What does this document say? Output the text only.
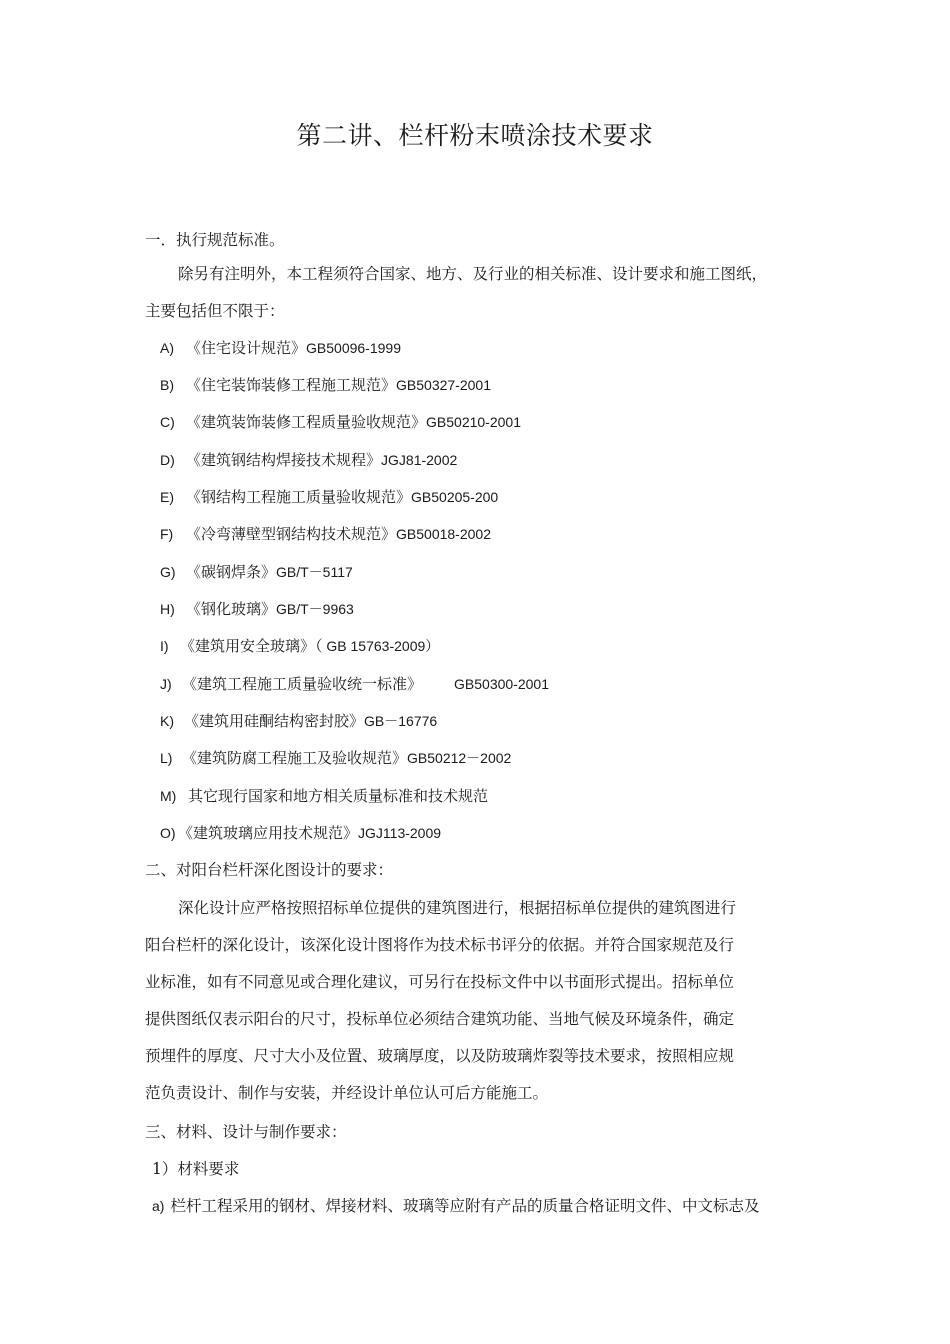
第二讲、栏杆粉末喷涂技术要求
一．执行规范标准。
除另有注明外，本工程须符合国家、地方、及行业的相关标准、设计要求和施工图纸，
主要包括但不限于：
A) 《住宅设计规范》GB50096-1999
B) 《住宅装饰装修工程施工规范》GB50327-2001
C) 《建筑装饰装修工程质量验收规范》GB50210-2001
D) 《建筑钢结构焊接技术规程》JGJ81-2002
E) 《钢结构工程施工质量验收规范》GB50205-200
F) 《冷弯薄壁型钢结构技术规范》GB50018-2002
G) 《碳钢焊条》GB/T－5117
H) 《钢化玻璃》GB/T－9963
I) 《建筑用安全玻璃》（ GB 15763-2009）
J) 《建筑工程施工质量验收统一标准》 GB50300-2001
K) 《建筑用硅酮结构密封胶》GB－16776
L) 《建筑防腐工程施工及验收规范》GB50212－2002
M) 其它现行国家和地方相关质量标准和技术规范
O) 《建筑玻璃应用技术规范》JGJ113-2009
二、对阳台栏杆深化图设计的要求：
深化设计应严格按照招标单位提供的建筑图进行，根据招标单位提供的建筑图进行
阳台栏杆的深化设计，该深化设计图将作为技术标书评分的依据。并符合国家规范及行
业标准，如有不同意见或合理化建议，可另行在投标文件中以书面形式提出。招标单位
提供图纸仅表示阳台的尺寸，投标单位必须结合建筑功能、当地气候及环境条件，确定
预埋件的厚度、尺寸大小及位置、玻璃厚度，以及防玻璃炸裂等技术要求，按照相应规
范负责设计、制作与安装，并经设计单位认可后方能施工。
三、材料、设计与制作要求：
1）材料要求
a) 栏杆工程采用的钢材、焊接材料、玻璃等应附有产品的质量合格证明文件、中文标志及
